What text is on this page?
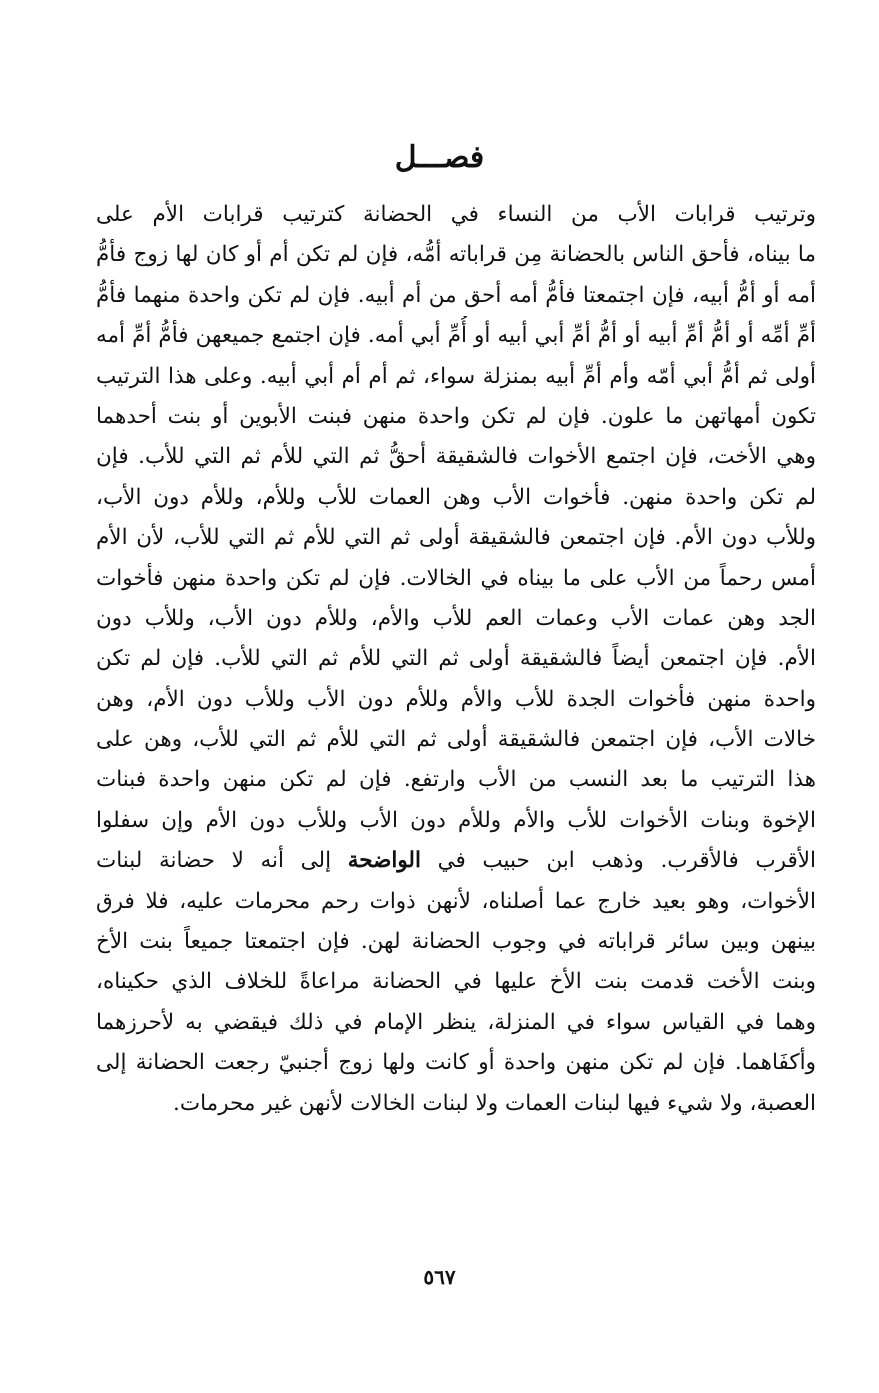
فصـــل
وترتيب قرابات الأب من النساء في الحضانة كترتيب قرابات الأم على
ما بيناه، فأحق الناس بالحضانة مِن قراباته أمُّه، فإن لم تكن أم أو كان لها زوج فأمُّ
أمه أو أمُّ أبيه، فإن اجتمعتا فأمُّ أمه أحق من أم أبيه. فإن لم تكن واحدة منهما فأمُّ
أمِّ أمِّه أو أمُّ أمِّ أبيه أو أمُّ أمِّ أبي أبيه أو أُمِّ أبي أمه. فإن اجتمع جميعهن فأمُّ أمِّ أمه
أولى ثم أمُّ أبي أمّه وأم أمِّ أبيه بمنزلة سواء، ثم أم أم أبي أبيه. وعلى هذا الترتيب
تكون أمهاتهن ما علون. فإن لم تكن واحدة منهن فبنت الأبوين أو بنت أحدهما
وهي الأخت، فإن اجتمع الأخوات فالشقيقة أحقُّ ثم التي للأم ثم التي للأب. فإن
لم تكن واحدة منهن. فأخوات الأب وهن العمات للأب وللأم، وللأم دون الأب،
وللأب دون الأم. فإن اجتمعن فالشقيقة أولى ثم التي للأم ثم التي للأب، لأن الأم
أمس رحماً من الأب على ما بيناه في الخالات. فإن لم تكن واحدة منهن فأخوات
الجد وهن عمات الأب وعمات العم للأب والأم، وللأم دون الأب، وللأب دون
الأم. فإن اجتمعن أيضاً فالشقيقة أولى ثم التي للأم ثم التي للأب. فإن لم تكن
واحدة منهن فأخوات الجدة للأب والأم وللأم دون الأب وللأب دون الأم، وهن
خالات الأب، فإن اجتمعن فالشقيقة أولى ثم التي للأم ثم التي للأب، وهن على
هذا الترتيب ما بعد النسب من الأب وارتفع. فإن لم تكن منهن واحدة فبنات
الإخوة وبنات الأخوات للأب والأم وللأم دون الأب وللأب دون الأم وإن سفلوا
الأقرب فالأقرب. وذهب ابن حبيب في الواضحة إلى أنه لا حضانة لبنات
الأخوات، وهو بعيد خارج عما أصلناه، لأنهن ذوات رحم محرمات عليه، فلا فرق
بينهن وبين سائر قراباته في وجوب الحضانة لهن. فإن اجتمعتا جميعاً بنت الأخ
وبنت الأخت قدمت بنت الأخ عليها في الحضانة مراعاةً للخلاف الذي حكيناه،
وهما في القياس سواء في المنزلة، ينظر الإمام في ذلك فيقضي به لأحرزهما
وأكفَاهما. فإن لم تكن منهن واحدة أو كانت ولها زوج أجنبيّ رجعت الحضانة إلى
العصبة، ولا شيء فيها لبنات العمات ولا لبنات الخالات لأنهن غير محرمات.
٥٦٧
